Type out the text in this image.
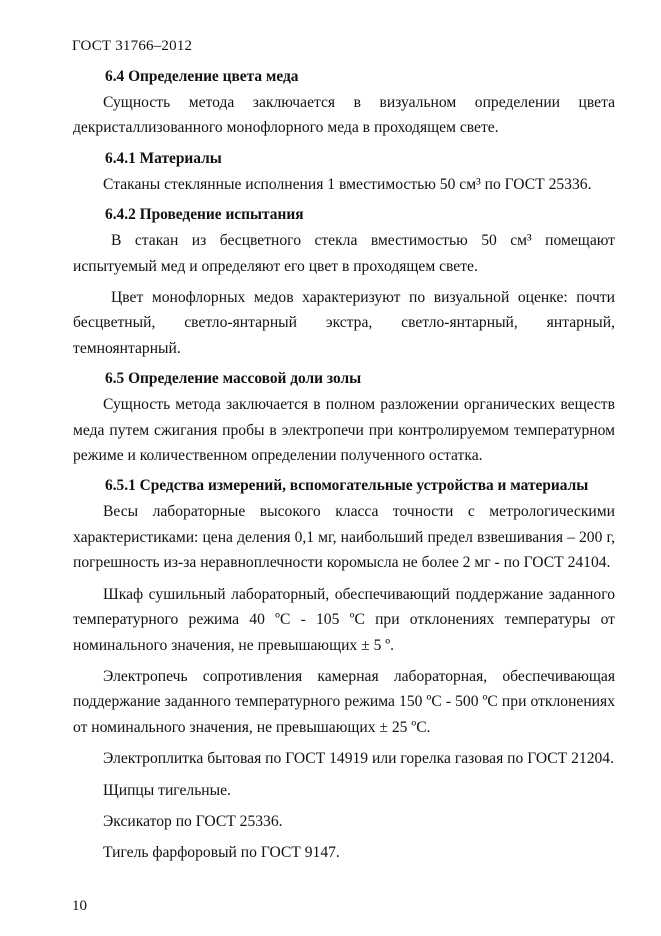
ГОСТ 31766–2012
6.4 Определение цвета меда

Сущность метода заключается в визуальном определении цвета декристаллизованного монофлорного меда в проходящем свете.

6.4.1 Материалы

Стаканы стеклянные исполнения 1 вместимостью 50 см³ по ГОСТ 25336.

6.4.2 Проведение испытания

В стакан из бесцветного стекла вместимостью 50 см³ помещают испытуемый мед и определяют его цвет в проходящем свете.

Цвет монофлорных медов характеризуют по визуальной оценке: почти бесцветный, светло-янтарный экстра, светло-янтарный, янтарный, темноянтарный.

6.5 Определение массовой доли золы

Сущность метода заключается в полном разложении органических веществ меда путем сжигания пробы в электропечи при контролируемом температурном режиме и количественном определении полученного остатка.

6.5.1 Средства измерений, вспомогательные устройства и материалы

Весы лабораторные высокого класса точности с метрологическими характеристиками: цена деления 0,1 мг, наибольший предел взвешивания – 200 г, погрешность из-за неравноплечности коромысла не более 2 мг - по ГОСТ 24104.

Шкаф сушильный лабораторный, обеспечивающий поддержание заданного температурного режима 40 ºС - 105 ºС при отклонениях температуры от номинального значения, не превышающих ± 5 º.

Электропечь сопротивления камерная лабораторная, обеспечивающая поддержание заданного температурного режима 150 ºС - 500 ºС при отклонениях от номинального значения, не превышающих ± 25 ºС.

Электроплитка бытовая по ГОСТ 14919 или горелка газовая по ГОСТ 21204.

Щипцы тигельные.

Эксикатор по ГОСТ 25336.

Тигель фарфоровый по ГОСТ 9147.

10
